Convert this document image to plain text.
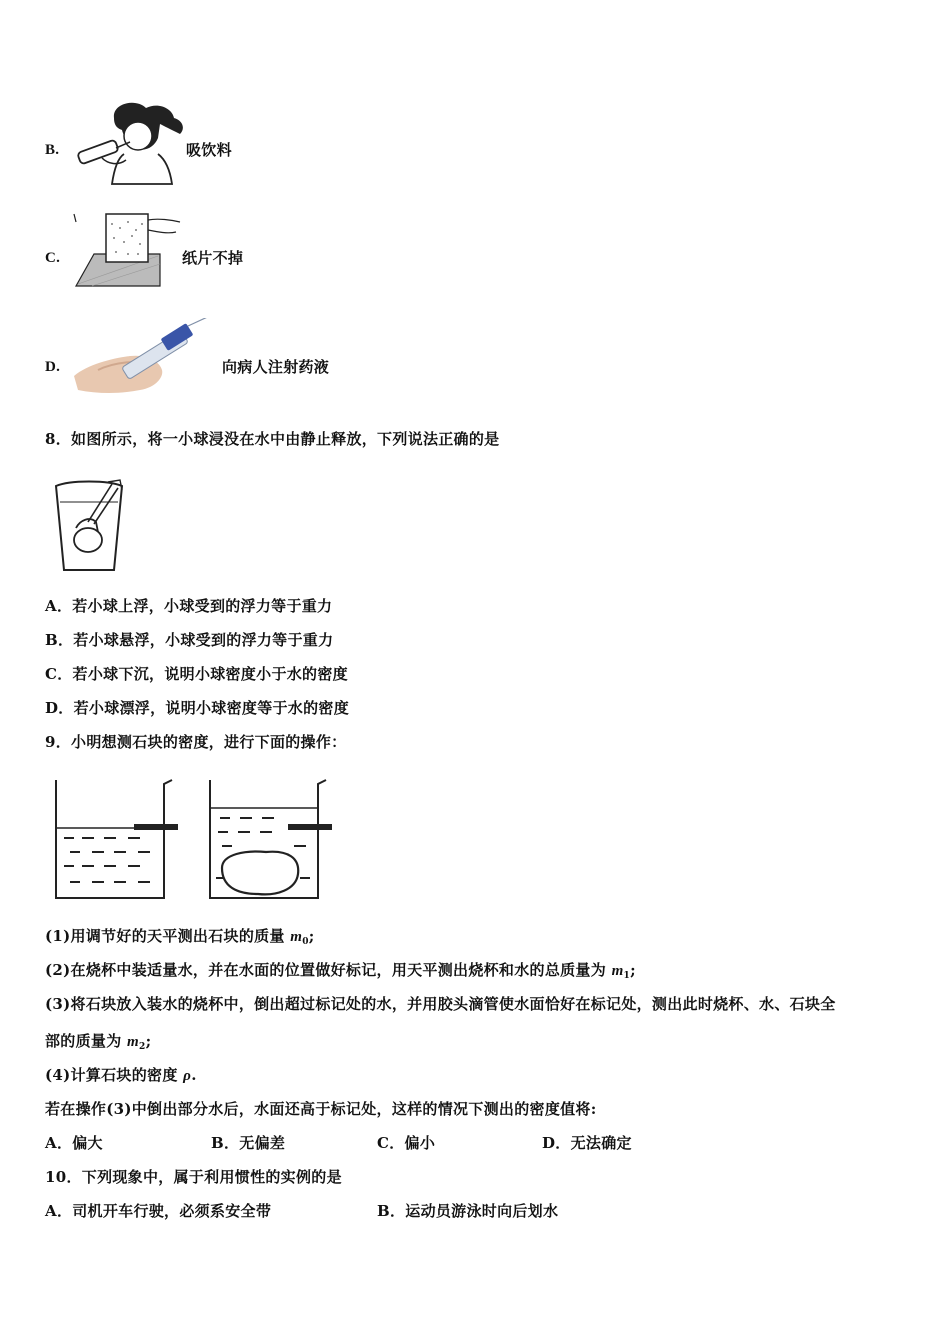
B.	吸饮料
C.	纸片不掉
D.	向病人注射药液
8．如图所示，将一小球浸没在水中由静止释放，下列说法正确的是
A．若小球上浮，小球受到的浮力等于重力
B．若小球悬浮，小球受到的浮力等于重力
C．若小球下沉，说明小球密度小于水的密度
D．若小球漂浮，说明小球密度等于水的密度
9．小明想测石块的密度，进行下面的操作：
(1)用调节好的天平测出石块的质量 $m_0$;
(2)在烧杯中装适量水，并在水面的位置做好标记，用天平测出烧杯和水的总质量为 $m_1$;
(3)将石块放入装水的烧杯中，倒出超过标记处的水，并用胶头滴管使水面恰好在标记处，测出此时烧杯、水、石块全
部的质量为 $m_2$;
(4)计算石块的密度 ρ.
若在操作(3)中倒出部分水后，水面还高于标记处，这样的情况下测出的密度值将:
A．偏大	B．无偏差	C．偏小	D．无法确定
10．下列现象中，属于利用惯性的实例的是
A．司机开车行驶，必须系安全带	B．运动员游泳时向后划水
